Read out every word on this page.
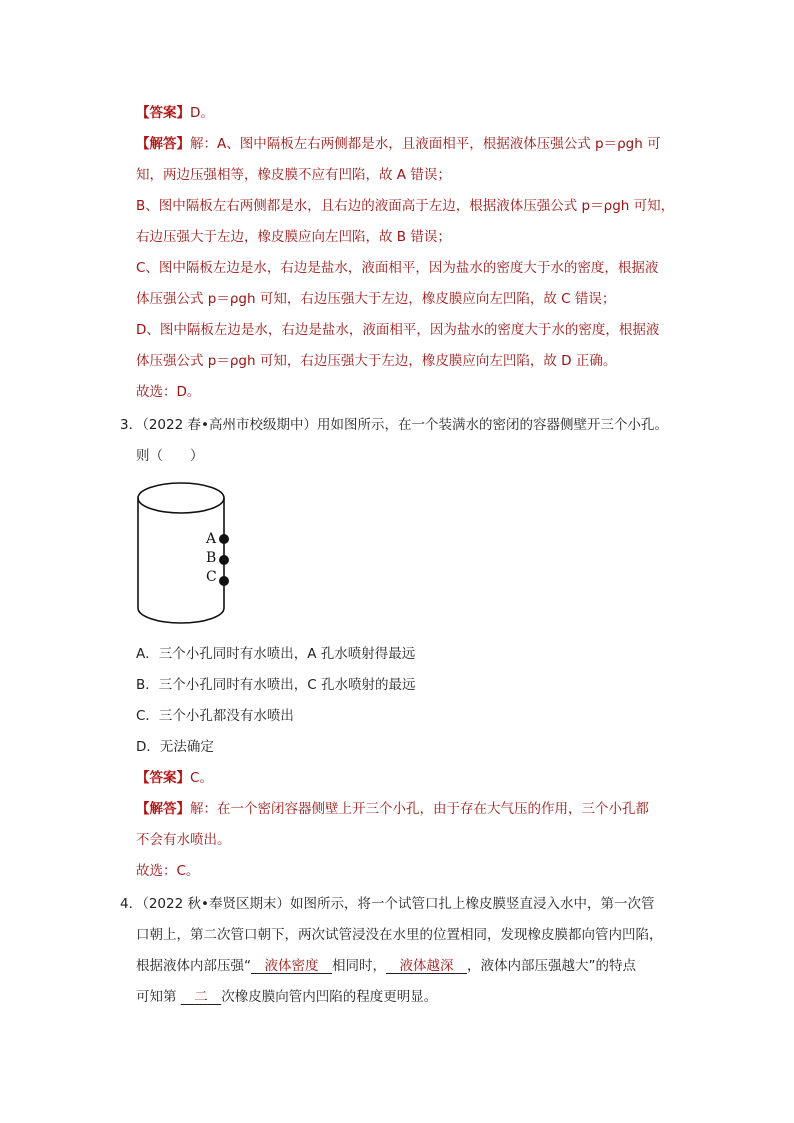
【答案】D。
【解答】解：A、图中隔板左右两侧都是水，且液面相平，根据液体压强公式 p＝ρgh 可
知，两边压强相等，橡皮膜不应有凹陷，故 A 错误；
B、图中隔板左右两侧都是水，且右边的液面高于左边，根据液体压强公式 p＝ρgh 可知，
右边压强大于左边，橡皮膜应向左凹陷，故 B 错误；
C、图中隔板左边是水，右边是盐水，液面相平，因为盐水的密度大于水的密度，根据液
体压强公式 p＝ρgh 可知，右边压强大于左边，橡皮膜应向左凹陷，故 C 错误；
D、图中隔板左边是水，右边是盐水，液面相平，因为盐水的密度大于水的密度，根据液
体压强公式 p＝ρgh 可知，右边压强大于左边，橡皮膜应向左凹陷，故 D 正确。
故选：D。
3．（2022 春•高州市校级期中）用如图所示，在一个装满水的密闭的容器侧壁开三个小孔。
则（　　）
A
B
C
A．三个小孔同时有水喷出，A 孔水喷射得最远
B．三个小孔同时有水喷出，C 孔水喷射的最远
C．三个小孔都没有水喷出
D．无法确定
【答案】C。
【解答】解：在一个密闭容器侧壁上开三个小孔，由于存在大气压的作用，三个小孔都
不会有水喷出。
故选：C。
4．（2022 秋•奉贤区期末）如图所示，将一个试管口扎上橡皮膜竖直浸入水中，第一次管
口朝上，第二次管口朝下，两次试管浸没在水里的位置相同，发现橡皮膜都向管内凹陷，
根据液体内部压强“  液体密度  相同时，  液体越深  ，液体内部压强越大”的特点
可知第  二  次橡皮膜向管内凹陷的程度更明显。
